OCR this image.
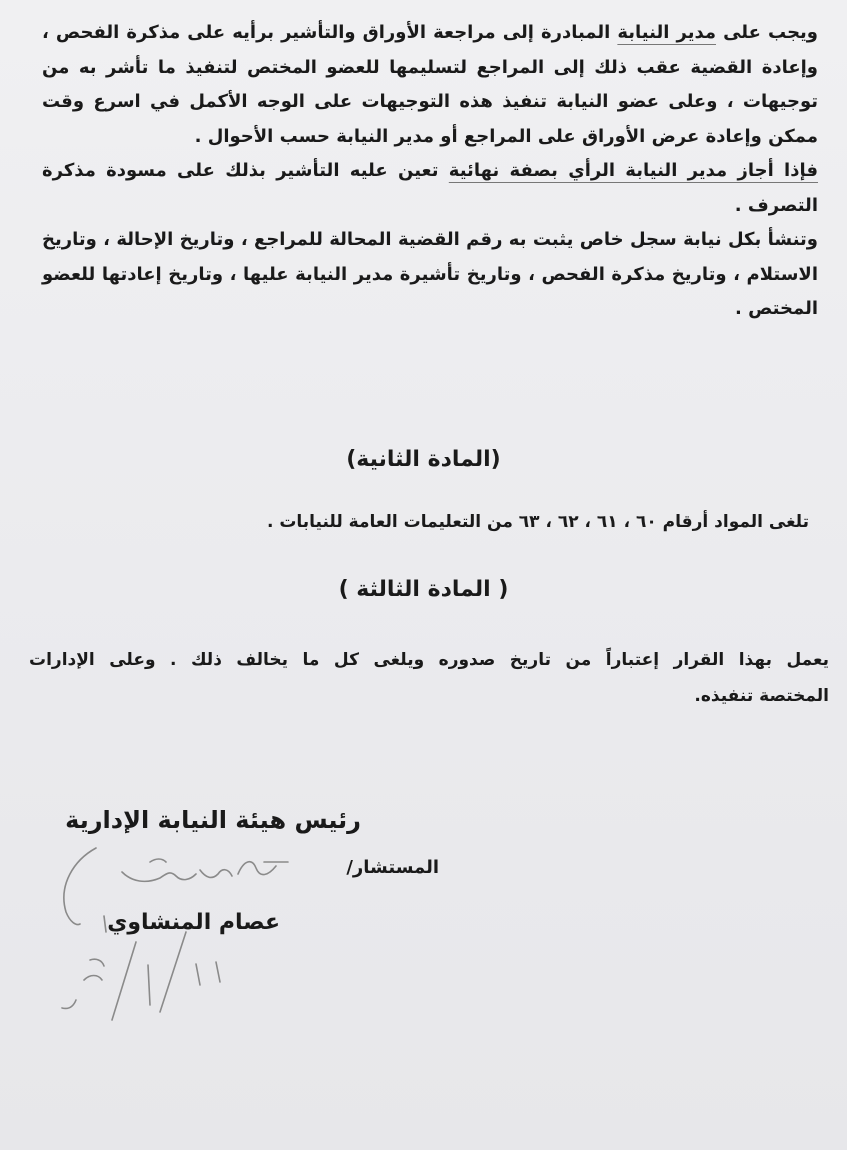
ويجب على مدير النيابة المبادرة إلى مراجعة الأوراق والتأشير برأيه على مذكرة الفحص ، وإعادة القضية عقب ذلك إلى المراجع لتسليمها للعضو المختص لتنفيذ ما تأشر به من توجيهات ، وعلى عضو النيابة تنفيذ هذه التوجيهات على الوجه الأكمل في اسرع وقت ممكن وإعادة عرض الأوراق على المراجع أو مدير النيابة حسب الأحوال .

فإذا أجاز مدير النيابة الرأي بصفة نهائية تعين عليه التأشير بذلك على مسودة مذكرة التصرف .

وتنشأ بكل نيابة سجل خاص يثبت به رقم القضية المحالة للمراجع ، وتاريخ الإحالة ، وتاريخ الاستلام ، وتاريخ مذكرة الفحص ، وتاريخ تأشيرة مدير النيابة عليها ، وتاريخ إعادتها للعضو المختص .

(المادة الثانية)
تلغى المواد أرقام ٦٠ ، ٦١ ، ٦٢ ، ٦٣ من التعليمات العامة للنيابات .
( المادة الثالثة )
يعمل بهذا القرار إعتباراً من تاريخ صدوره ويلغى كل ما يخالف ذلك . وعلى الإدارات
المختصة تنفيذه.
رئيس هيئة النيابة الإدارية
المستشار/
عصام المنشاوي
